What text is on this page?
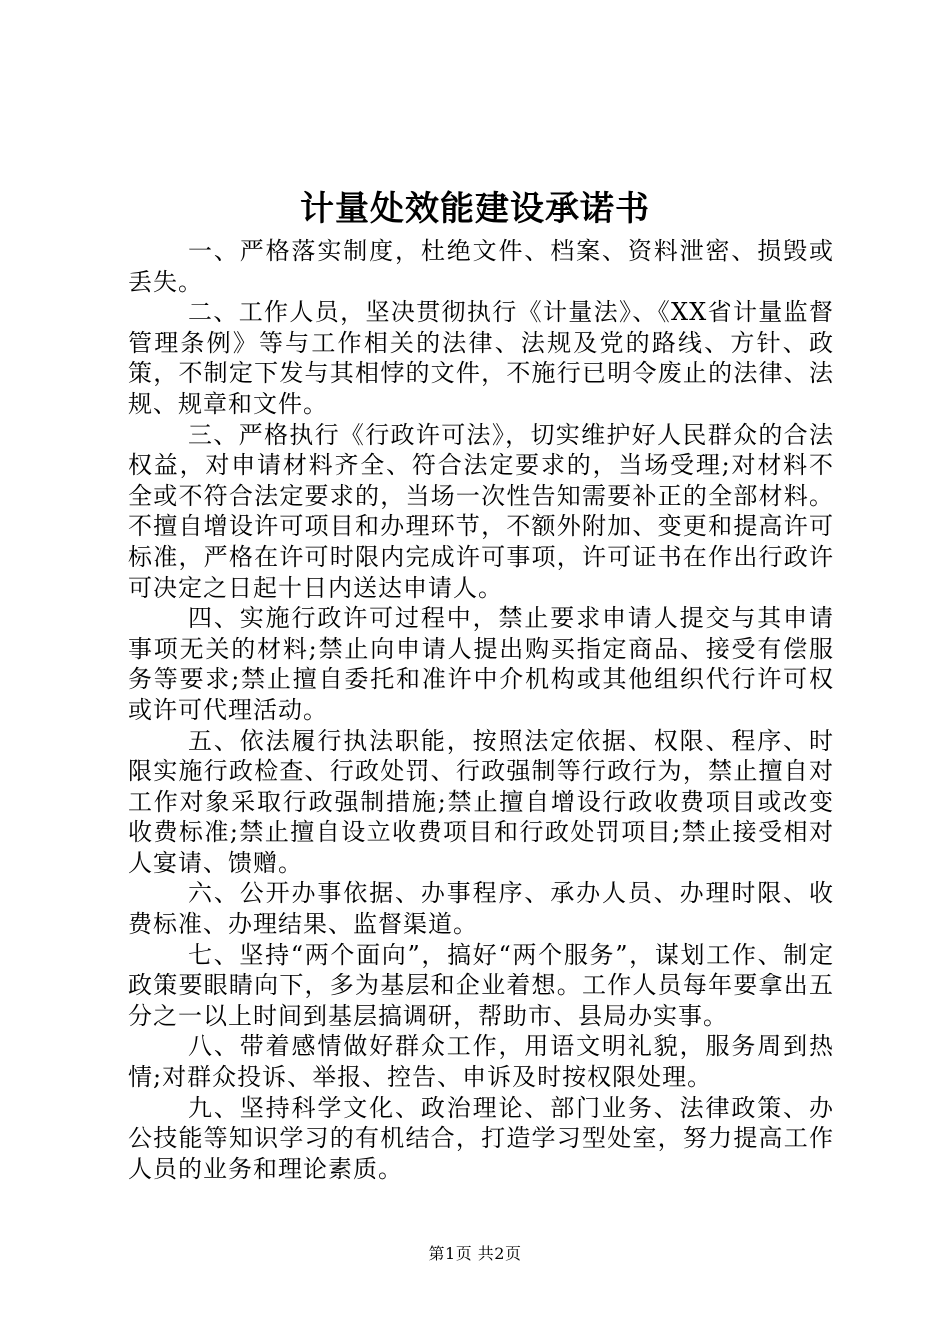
计量处效能建设承诺书

一、严格落实制度，杜绝文件、档案、资料泄密、损毁或丢失。

二、工作人员，坚决贯彻执行《计量法》、《XX省计量监督管理条例》等与工作相关的法律、法规及党的路线、方针、政策，不制定下发与其相悖的文件，不施行已明令废止的法律、法规、规章和文件。

三、严格执行《行政许可法》，切实维护好人民群众的合法权益，对申请材料齐全、符合法定要求的，当场受理;对材料不全或不符合法定要求的，当场一次性告知需要补正的全部材料。不擅自增设许可项目和办理环节，不额外附加、变更和提高许可标准，严格在许可时限内完成许可事项，许可证书在作出行政许可决定之日起十日内送达申请人。

四、实施行政许可过程中，禁止要求申请人提交与其申请事项无关的材料;禁止向申请人提出购买指定商品、接受有偿服务等要求;禁止擅自委托和准许中介机构或其他组织代行许可权或许可代理活动。

五、依法履行执法职能，按照法定依据、权限、程序、时限实施行政检查、行政处罚、行政强制等行政行为，禁止擅自对工作对象采取行政强制措施;禁止擅自增设行政收费项目或改变收费标准;禁止擅自设立收费项目和行政处罚项目;禁止接受相对人宴请、馈赠。

六、公开办事依据、办事程序、承办人员、办理时限、收费标准、办理结果、监督渠道。

七、坚持“两个面向”，搞好“两个服务”，谋划工作、制定政策要眼睛向下，多为基层和企业着想。工作人员每年要拿出五分之一以上时间到基层搞调研，帮助市、县局办实事。

八、带着感情做好群众工作，用语文明礼貌，服务周到热情;对群众投诉、举报、控告、申诉及时按权限处理。

九、坚持科学文化、政治理论、部门业务、法律政策、办公技能等知识学习的有机结合，打造学习型处室，努力提高工作人员的业务和理论素质。

第1页 共2页
